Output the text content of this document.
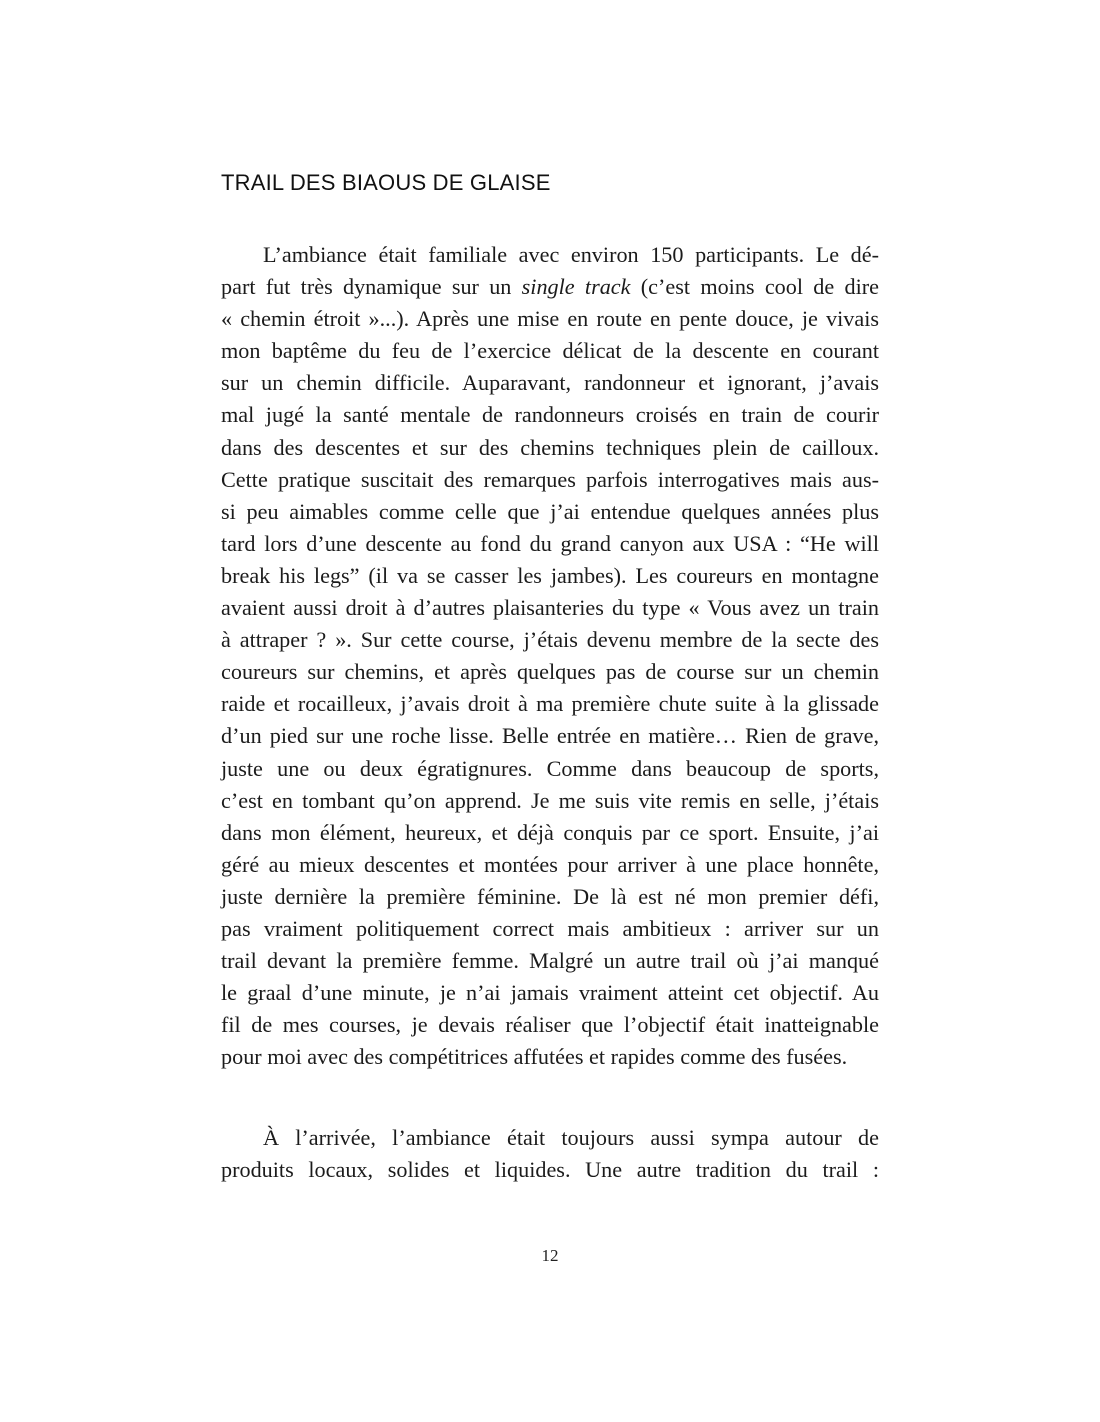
TRAIL DES BIAOUS DE GLAISE
L’ambiance était familiale avec environ 150 participants. Le dé-
part fut très dynamique sur un single track (c’est moins cool de dire
« chemin étroit »...). Après une mise en route en pente douce, je vivais
mon baptême du feu de l’exercice délicat de la descente en courant
sur un chemin difficile. Auparavant, randonneur et ignorant, j’avais
mal jugé la santé mentale de randonneurs croisés en train de courir
dans des descentes et sur des chemins techniques plein de cailloux.
Cette pratique suscitait des remarques parfois interrogatives mais aus-
si peu aimables comme celle que j’ai entendue quelques années plus
tard lors d’une descente au fond du grand canyon aux USA : “He will
break his legs” (il va se casser les jambes). Les coureurs en montagne
avaient aussi droit à d’autres plaisanteries du type « Vous avez un train
à attraper ? ». Sur cette course, j’étais devenu membre de la secte des
coureurs sur chemins, et après quelques pas de course sur un chemin
raide et rocailleux, j’avais droit à ma première chute suite à la glissade
d’un pied sur une roche lisse. Belle entrée en matière… Rien de grave,
juste une ou deux égratignures. Comme dans beaucoup de sports,
c’est en tombant qu’on apprend. Je me suis vite remis en selle, j’étais
dans mon élément, heureux, et déjà conquis par ce sport. Ensuite, j’ai
géré au mieux descentes et montées pour arriver à une place honnête,
juste dernière la première féminine. De là est né mon premier défi,
pas vraiment politiquement correct mais ambitieux : arriver sur un
trail devant la première femme. Malgré un autre trail où j’ai manqué
le graal d’une minute, je n’ai jamais vraiment atteint cet objectif. Au
fil de mes courses, je devais réaliser que l’objectif était inatteignable
pour moi avec des compétitrices affutées et rapides comme des fusées.
À l’arrivée, l’ambiance était toujours aussi sympa autour de
produits locaux, solides et liquides. Une autre tradition du trail :
12
